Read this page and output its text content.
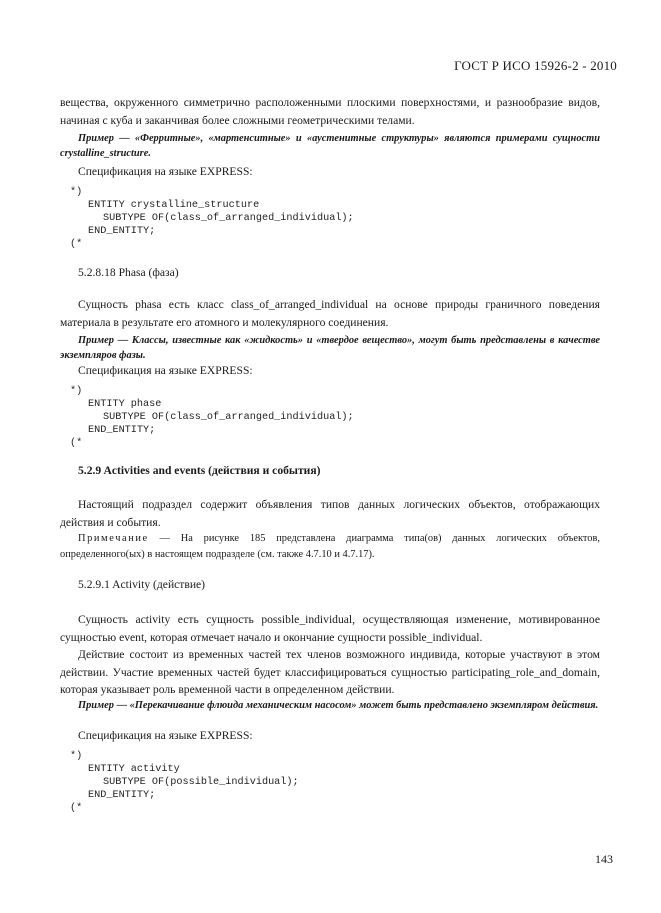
ГОСТ Р ИСО 15926-2 - 2010
вещества, окруженного симметрично расположенными плоскими поверхностями, и разнообразие видов, начиная с куба и заканчивая более сложными геометрическими телами.
Пример — «Ферритные», «мартенситные» и «аустенитные структуры» являются примерами сущности crystalline_structure.
Спецификация на языке EXPRESS:
*)
ENTITY crystalline_structure
SUBTYPE OF(class_of_arranged_individual);
END_ENTITY;
(*
5.2.8.18 Phasa (фаза)
Сущность phasa есть класс class_of_arranged_individual на основе природы граничного поведения материала в результате его атомного и молекулярного соединения.
Пример — Классы, известные как «жидкость» и «твердое вещество», могут быть представлены в качестве экземпляров фазы.
Спецификация на языке EXPRESS:
*)
ENTITY phase
SUBTYPE OF(class_of_arranged_individual);
END_ENTITY;
(*
5.2.9 Activities and events (действия и события)
Настоящий подраздел содержит объявления типов данных логических объектов, отображающих действия и события.
Примечание — На рисунке 185 представлена диаграмма типа(ов) данных логических объектов, определенного(ых) в настоящем подразделе (см. также 4.7.10 и 4.7.17).
5.2.9.1 Activity (действие)
Сущность activity есть сущность possible_individual, осуществляющая изменение, мотивированное сущностью event, которая отмечает начало и окончание сущности possible_individual.
Действие состоит из временных частей тех членов возможного индивида, которые участвуют в этом действии. Участие временных частей будет классифицироваться сущностью participating_role_and_domain, которая указывает роль временной части в определенном действии.
Пример — «Перекачивание флюида механическим насосом» может быть представлено экземпляром действия.
Спецификация на языке EXPRESS:
*)
ENTITY activity
SUBTYPE OF(possible_individual);
END_ENTITY;
(*
143
